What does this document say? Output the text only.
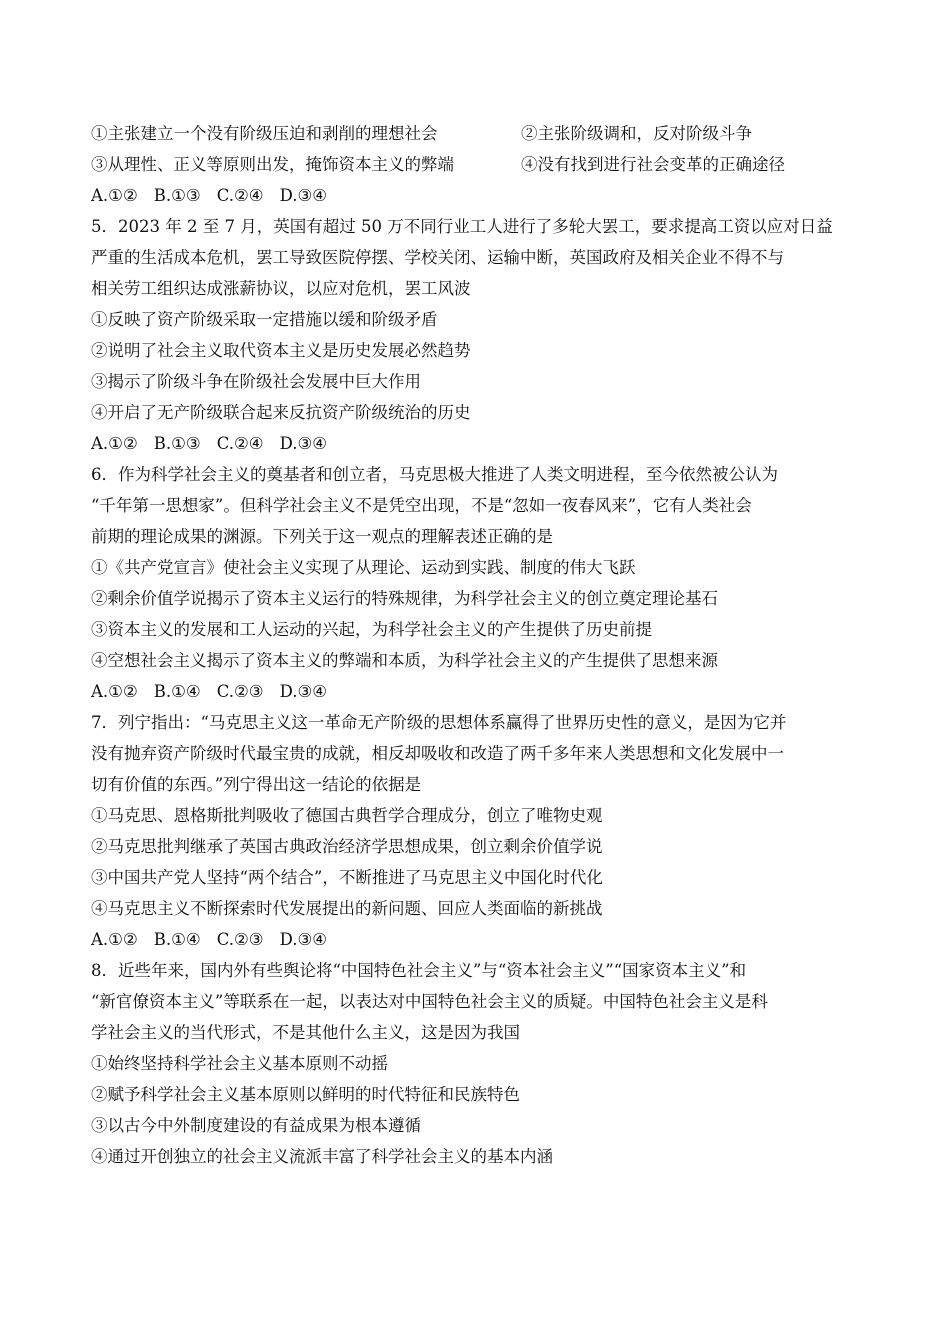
①主张建立一个没有阶级压迫和剥削的理想社会	②主张阶级调和，反对阶级斗争
③从理性、正义等原则出发，掩饰资本主义的弊端	④没有找到进行社会变革的正确途径
A.①② B.①③ C.②④ D.③④
5．2023 年 2 至 7 月，英国有超过 50 万不同行业工人进行了多轮大罢工，要求提高工资以应对日益
严重的生活成本危机，罢工导致医院停摆、学校关闭、运输中断，英国政府及相关企业不得不与
相关劳工组织达成涨薪协议，以应对危机，罢工风波
①反映了资产阶级采取一定措施以缓和阶级矛盾
②说明了社会主义取代资本主义是历史发展必然趋势
③揭示了阶级斗争在阶级社会发展中巨大作用
④开启了无产阶级联合起来反抗资产阶级统治的历史
A.①② B.①③ C.②④ D.③④
6．作为科学社会主义的奠基者和创立者，马克思极大推进了人类文明进程，至今依然被公认为
“千年第一思想家”。但科学社会主义不是凭空出现，不是“忽如一夜春风来”，它有人类社会
前期的理论成果的渊源。下列关于这一观点的理解表述正确的是
①《共产党宣言》使社会主义实现了从理论、运动到实践、制度的伟大飞跃
②剩余价值学说揭示了资本主义运行的特殊规律，为科学社会主义的创立奠定理论基石
③资本主义的发展和工人运动的兴起，为科学社会主义的产生提供了历史前提
④空想社会主义揭示了资本主义的弊端和本质，为科学社会主义的产生提供了思想来源
A.①② B.①④ C.②③ D.③④
7．列宁指出：“马克思主义这一革命无产阶级的思想体系赢得了世界历史性的意义，是因为它并
没有抛弃资产阶级时代最宝贵的成就，相反却吸收和改造了两千多年来人类思想和文化发展中一
切有价值的东西。”列宁得出这一结论的依据是
①马克思、恩格斯批判吸收了德国古典哲学合理成分，创立了唯物史观
②马克思批判继承了英国古典政治经济学思想成果，创立剩余价值学说
③中国共产党人坚持“两个结合”，不断推进了马克思主义中国化时代化
④马克思主义不断探索时代发展提出的新问题、回应人类面临的新挑战
A.①② B.①④ C.②③ D.③④
8．近些年来，国内外有些舆论将“中国特色社会主义”与“资本社会主义”“国家资本主义”和
“新官僚资本主义”等联系在一起，以表达对中国特色社会主义的质疑。中国特色社会主义是科
学社会主义的当代形式，不是其他什么主义，这是因为我国
①始终坚持科学社会主义基本原则不动摇
②赋予科学社会主义基本原则以鲜明的时代特征和民族特色
③以古今中外制度建设的有益成果为根本遵循
④通过开创独立的社会主义流派丰富了科学社会主义的基本内涵
